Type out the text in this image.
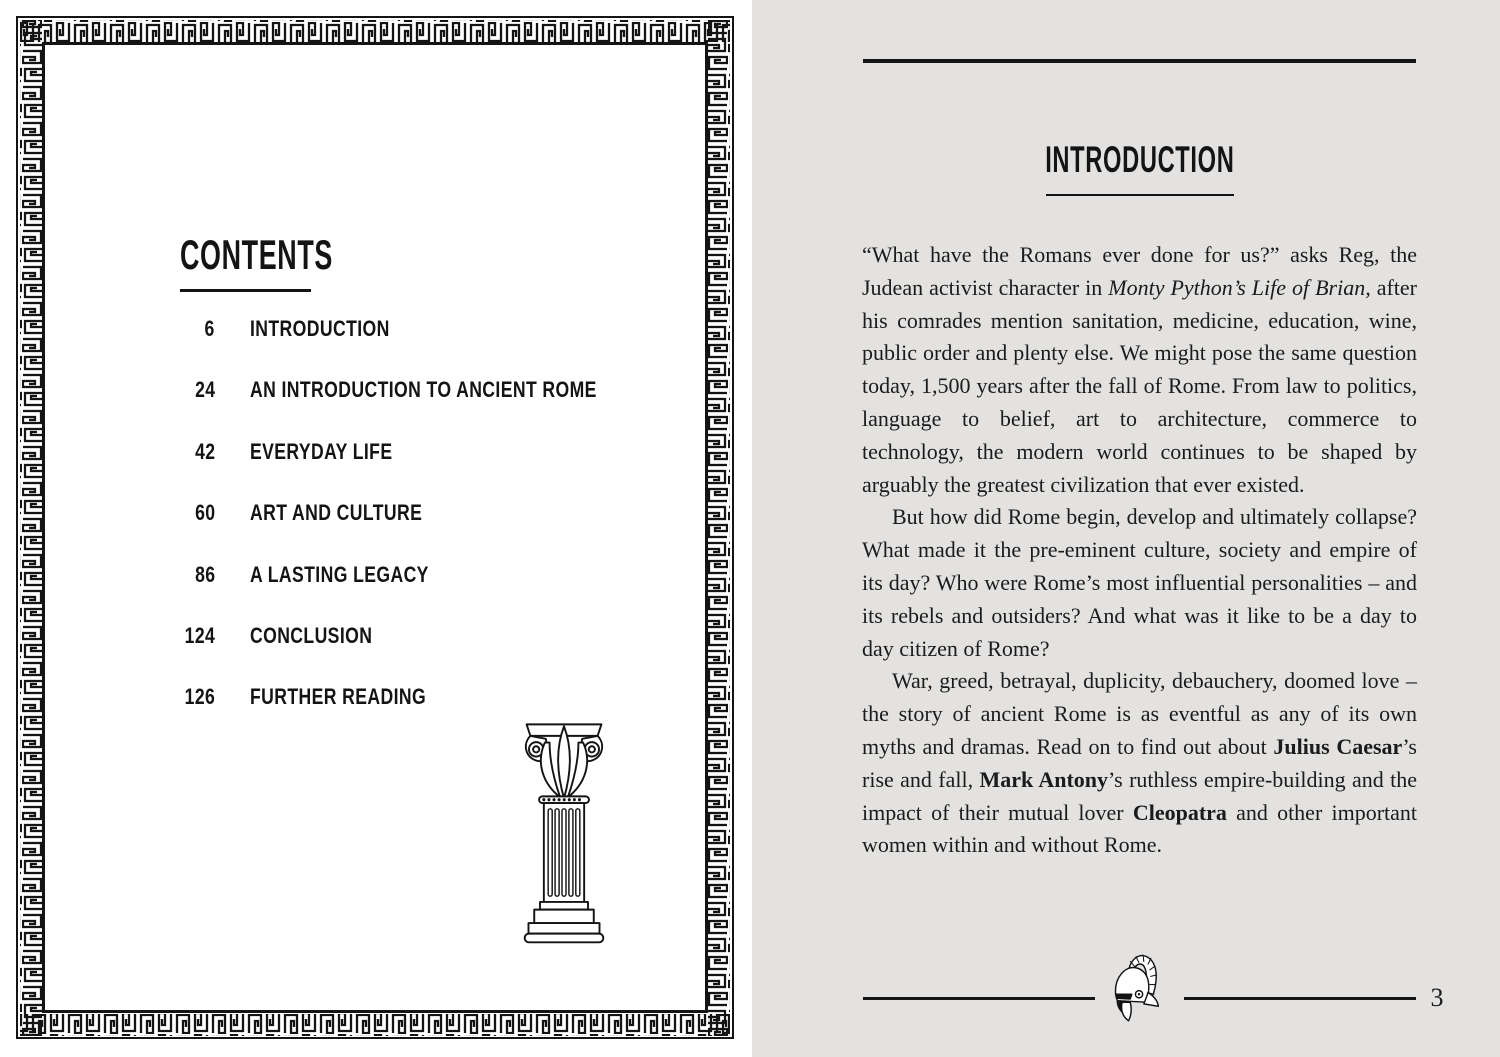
CONTENTS
6 INTRODUCTION
24 AN INTRODUCTION TO ANCIENT ROME
42 EVERYDAY LIFE
60 ART AND CULTURE
86 A LASTING LEGACY
124 CONCLUSION
126 FURTHER READING
INTRODUCTION

“What have the Romans ever done for us?” asks Reg, the Judean activist character in Monty Python’s Life of Brian, after his comrades mention sanitation, medicine, education, wine, public order and plenty else. We might pose the same question today, 1,500 years after the fall of Rome. From law to politics, language to belief, art to architecture, commerce to technology, the modern world continues to be shaped by arguably the greatest civilization that ever existed.

But how did Rome begin, develop and ultimately collapse? What made it the pre-eminent culture, society and empire of its day? Who were Rome’s most influential personalities – and its rebels and outsiders? And what was it like to be a day to day citizen of Rome?

War, greed, betrayal, duplicity, debauchery, doomed love – the story of ancient Rome is as eventful as any of its own myths and dramas. Read on to find out about Julius Caesar’s rise and fall, Mark Antony’s ruthless empire-building and the impact of their mutual lover Cleopatra and other important women within and without Rome.

3
